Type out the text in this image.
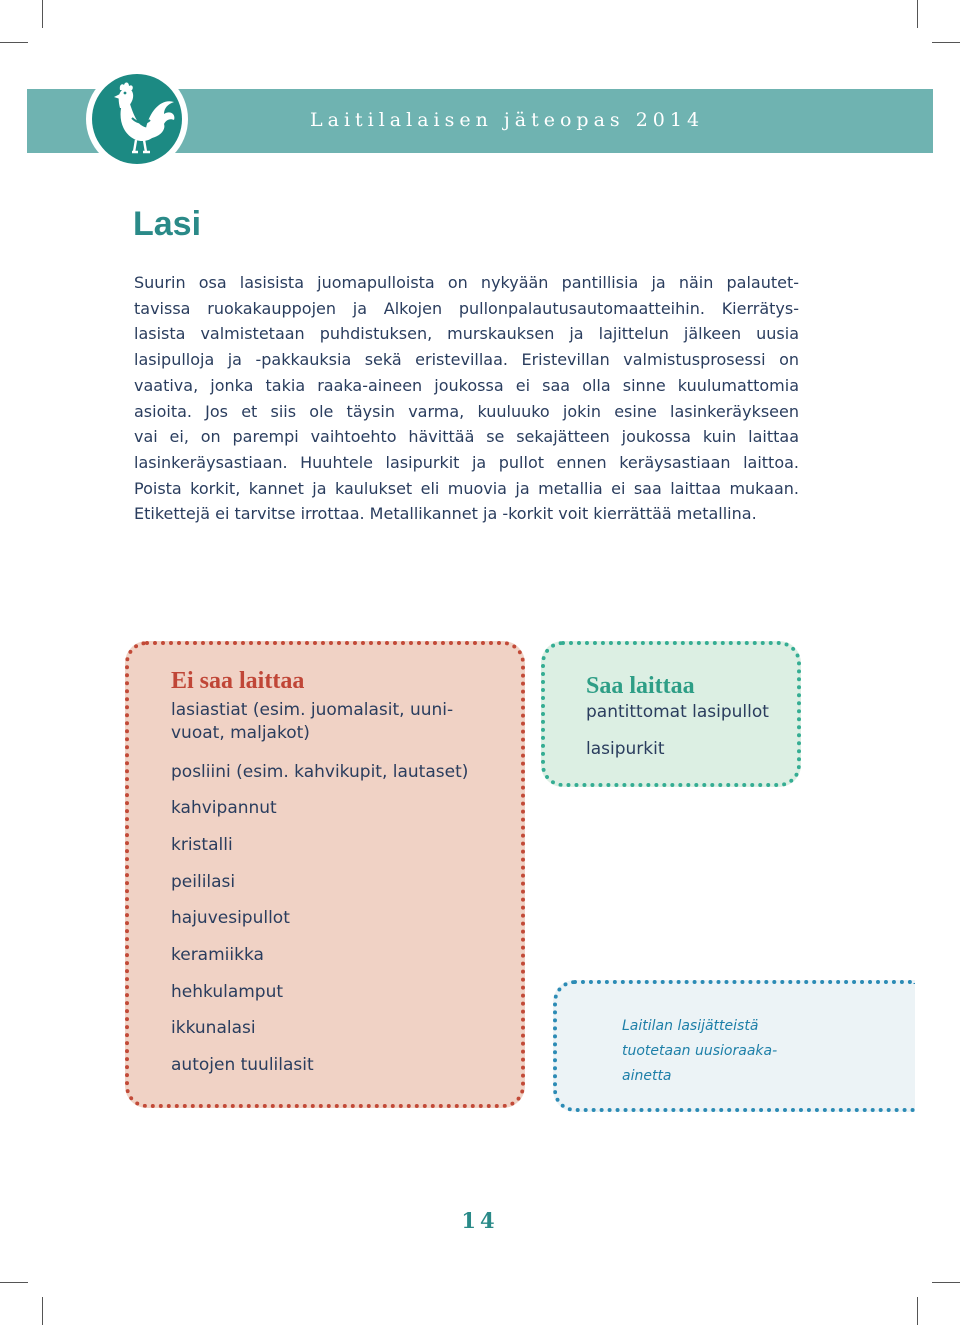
Laitilalaisen jäteopas 2014
Lasi
Suurin osa lasisista juomapulloista on nykyään pantillisia ja näin palautet-
tavissa ruokakauppojen ja Alkojen pullonpalautusautomaatteihin. Kierrätys-
lasista valmistetaan puhdistuksen, murskauksen ja lajittelun jälkeen uusia
lasipulloja ja -pakkauksia sekä eristevillaa. Eristevillan valmistusprosessi on
vaativa, jonka takia raaka-aineen joukossa ei saa olla sinne kuulumattomia
asioita. Jos et siis ole täysin varma, kuuluuko jokin esine lasinkeräykseen
vai ei, on parempi vaihtoehto hävittää se sekajätteen joukossa kuin laittaa
lasinkeräysastiaan. Huuhtele lasipurkit ja pullot ennen keräysastiaan laittoa.
Poista korkit, kannet ja kaulukset eli muovia ja metallia ei saa laittaa mukaan.
Etikettejä ei tarvitse irrottaa. Metallikannet ja -korkit voit kierrättää metallina.
Ei saa laittaa
lasiastiat (esim. juomalasit, uuni-
vuoat, maljakot)
posliini (esim. kahvikupit, lautaset)
kahvipannut
kristalli
peililasi
hajuvesipullot
keramiikka
hehkulamput
ikkunalasi
autojen tuulilasit
Saa laittaa
pantittomat lasipullot
lasipurkit
Laitilan lasijätteistä
tuotetaan uusioraaka-
ainetta
14
